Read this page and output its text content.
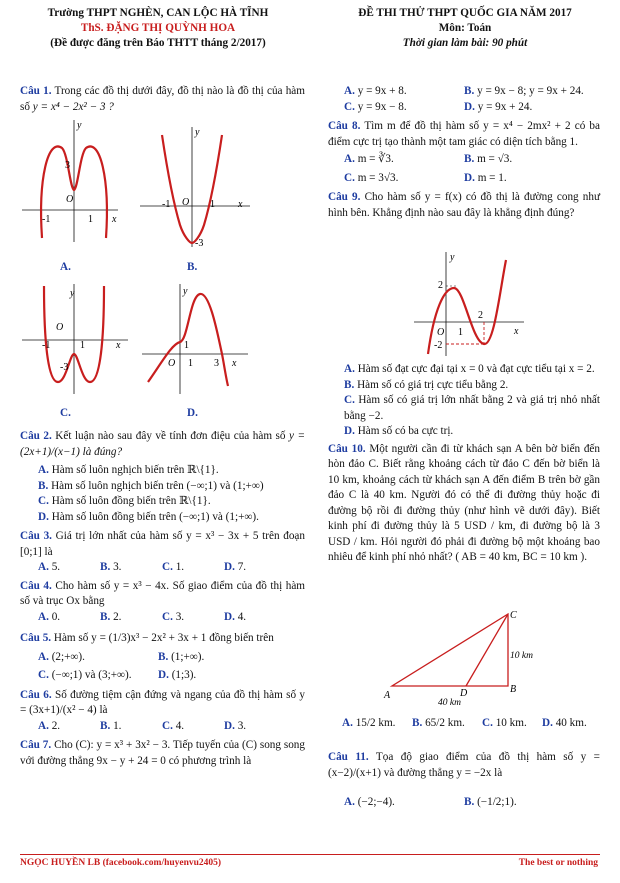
Trường THPT NGHÈN, CAN LỘC HÀ TĨNH
ThS. ĐẶNG THỊ QUỲNH HOA
(Đề được đăng trên Báo THTT tháng 2/2017)
ĐỀ THI THỬ THPT QUỐC GIA NĂM 2017
Môn: Toán
Thời gian làm bài: 90 phút
Câu 1. Trong các đồ thị dưới đây, đồ thị nào là đồ thị của hàm số y = x⁴ − 2x² − 3 ?
y
x
O
-1	1
3
A.
y
x
O
-1	1
-3
B.
y
x
O
-1	1
-3
C.
y
x
O 1 3
1
D.
Câu 2. Kết luận nào sau đây về tính đơn điệu của hàm số y = (2x+1)/(x−1) là đúng?
A. Hàm số luôn nghịch biến trên ℝ\{1}.
B. Hàm số luôn nghịch biến trên (−∞;1) và (1;+∞)
C. Hàm số luôn đồng biến trên ℝ\{1}.
D. Hàm số luôn đồng biến trên (−∞;1) và (1;+∞).
Câu 3. Giá trị lớn nhất của hàm số y = x³ − 3x + 5 trên đoạn [0;1] là
A. 5.	B. 3.	C. 1.	D. 7.
Câu 4. Cho hàm số y = x³ − 4x. Số giao điểm của đồ thị hàm số và trục Ox bằng
A. 0.	B. 2.	C. 3.	D. 4.
Câu 5. Hàm số y = (1/3)x³ − 2x² + 3x + 1 đồng biến trên
A. (2;+∞).	B. (1;+∞).
C. (−∞;1) và (3;+∞).	D. (1;3).
Câu 6. Số đường tiệm cận đứng và ngang của đồ thị hàm số y = (3x+1)/(x² − 4) là
A. 2.	B. 1.	C. 4.	D. 3.
Câu 7. Cho (C): y = x³ + 3x² − 3. Tiếp tuyến của (C) song song với đường thẳng 9x − y + 24 = 0 có phương trình là
A. y = 9x + 8.	B. y = 9x − 8; y = 9x + 24.
C. y = 9x − 8.	D. y = 9x + 24.
Câu 8. Tìm m để đồ thị hàm số y = x⁴ − 2mx² + 2 có ba điểm cực trị tạo thành một tam giác có diện tích bằng 1.
A. m = ∛3.	B. m = √3.
C. m = 3√3.	D. m = 1.
Câu 9. Cho hàm số y = f(x) có đồ thị là đường cong như hình bên. Khẳng định nào sau đây là khẳng định đúng?
y
x
O 1
2
2
-2
A. Hàm số đạt cực đại tại x = 0 và đạt cực tiểu tại x = 2.
B. Hàm số có giá trị cực tiểu bằng 2.
C. Hàm số có giá trị lớn nhất bằng 2 và giá trị nhỏ nhất bằng −2.
D. Hàm số có ba cực trị.
Câu 10. Một người cần đi từ khách sạn A bên bờ biển đến hòn đảo C. Biết rằng khoảng cách từ đảo C đến bờ biển là 10 km, khoảng cách từ khách sạn A đến điểm B trên bờ gần đảo C là 40 km. Người đó có thể đi đường thủy hoặc đi đường bộ rồi đi đường thủy (như hình vẽ dưới đây). Biết kinh phí đi đường thủy là 5 USD / km, đi đường bộ là 3 USD / km. Hỏi người đó phải đi đường bộ một khoảng bao nhiêu để kinh phí nhỏ nhất? ( AB = 40 km, BC = 10 km ).
A
B
C
D
10 km
40 km
A. 15/2 km.	B. 65/2 km.	C. 10 km.	D. 40 km.
Câu 11. Tọa độ giao điểm của đồ thị hàm số y = (x−2)/(x+1) và đường thẳng y = −2x là
A. (−2;−4).	B. (−1/2;1).
NGỌC HUYỀN LB (facebook.com/huyenvu2405)	The best or nothing
